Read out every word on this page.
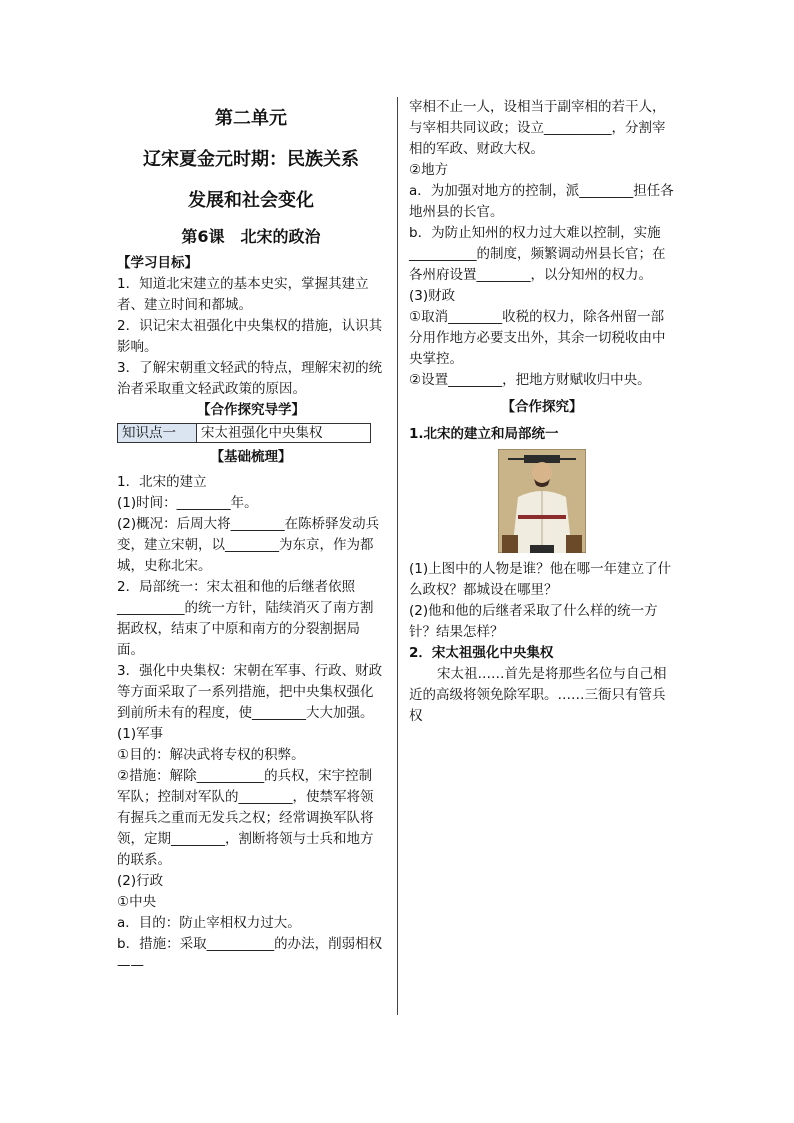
第二单元

辽宋夏金元时期：民族关系

发展和社会变化

第6课　北宋的政治

【学习目标】

1．知道北宋建立的基本史实，掌握其建立者、建立时间和都城。

2．识记宋太祖强化中央集权的措施，认识其影响。

3．了解宋朝重文轻武的特点，理解宋初的统治者采取重文轻武政策的原因。

【合作探究导学】

知识点一	宋太祖强化中央集权

【基础梳理】

1．北宋的建立

(1)时间：________年。

(2)概况：后周大将________在陈桥驿发动兵变，建立宋朝，以________为东京，作为都城，史称北宋。

2．局部统一：宋太祖和他的后继者依照__________的统一方针，陆续消灭了南方割据政权，结束了中原和南方的分裂割据局面。

3．强化中央集权：宋朝在军事、行政、财政等方面采取了一系列措施，把中央集权强化到前所未有的程度，使________大大加强。

(1)军事

①目的：解决武将专权的积弊。

②措施：解除__________的兵权，宋宇控制军队；控制对军队的________，使禁军将领有握兵之重而无发兵之权；经常调换军队将领，定期________，割断将领与士兵和地方的联系。

(2)行政

①中央

a．目的：防止宰相权力过大。

b．措施：采取__________的办法，削弱相权——

宰相不止一人，设相当于副宰相的若干人，与宰相共同议政；设立__________，分割宰相的军政、财政大权。

②地方

a．为加强对地方的控制，派________担任各地州县的长官。

b．为防止知州的权力过大难以控制，实施__________的制度，频繁调动州县长官；在各州府设置________，以分知州的权力。

(3)财政

①取消________收税的权力，除各州留一部分用作地方必要支出外，其余一切税收由中央掌控。

②设置________，把地方财赋收归中央。

【合作探究】

1.北宋的建立和局部统一

(1)上图中的人物是谁？他在哪一年建立了什么政权？都城设在哪里？

(2)他和他的后继者采取了什么样的统一方针？结果怎样？

2．宋太祖强化中央集权

宋太祖……首先是将那些名位与自己相近的高级将领免除军职。……三衙只有管兵权
